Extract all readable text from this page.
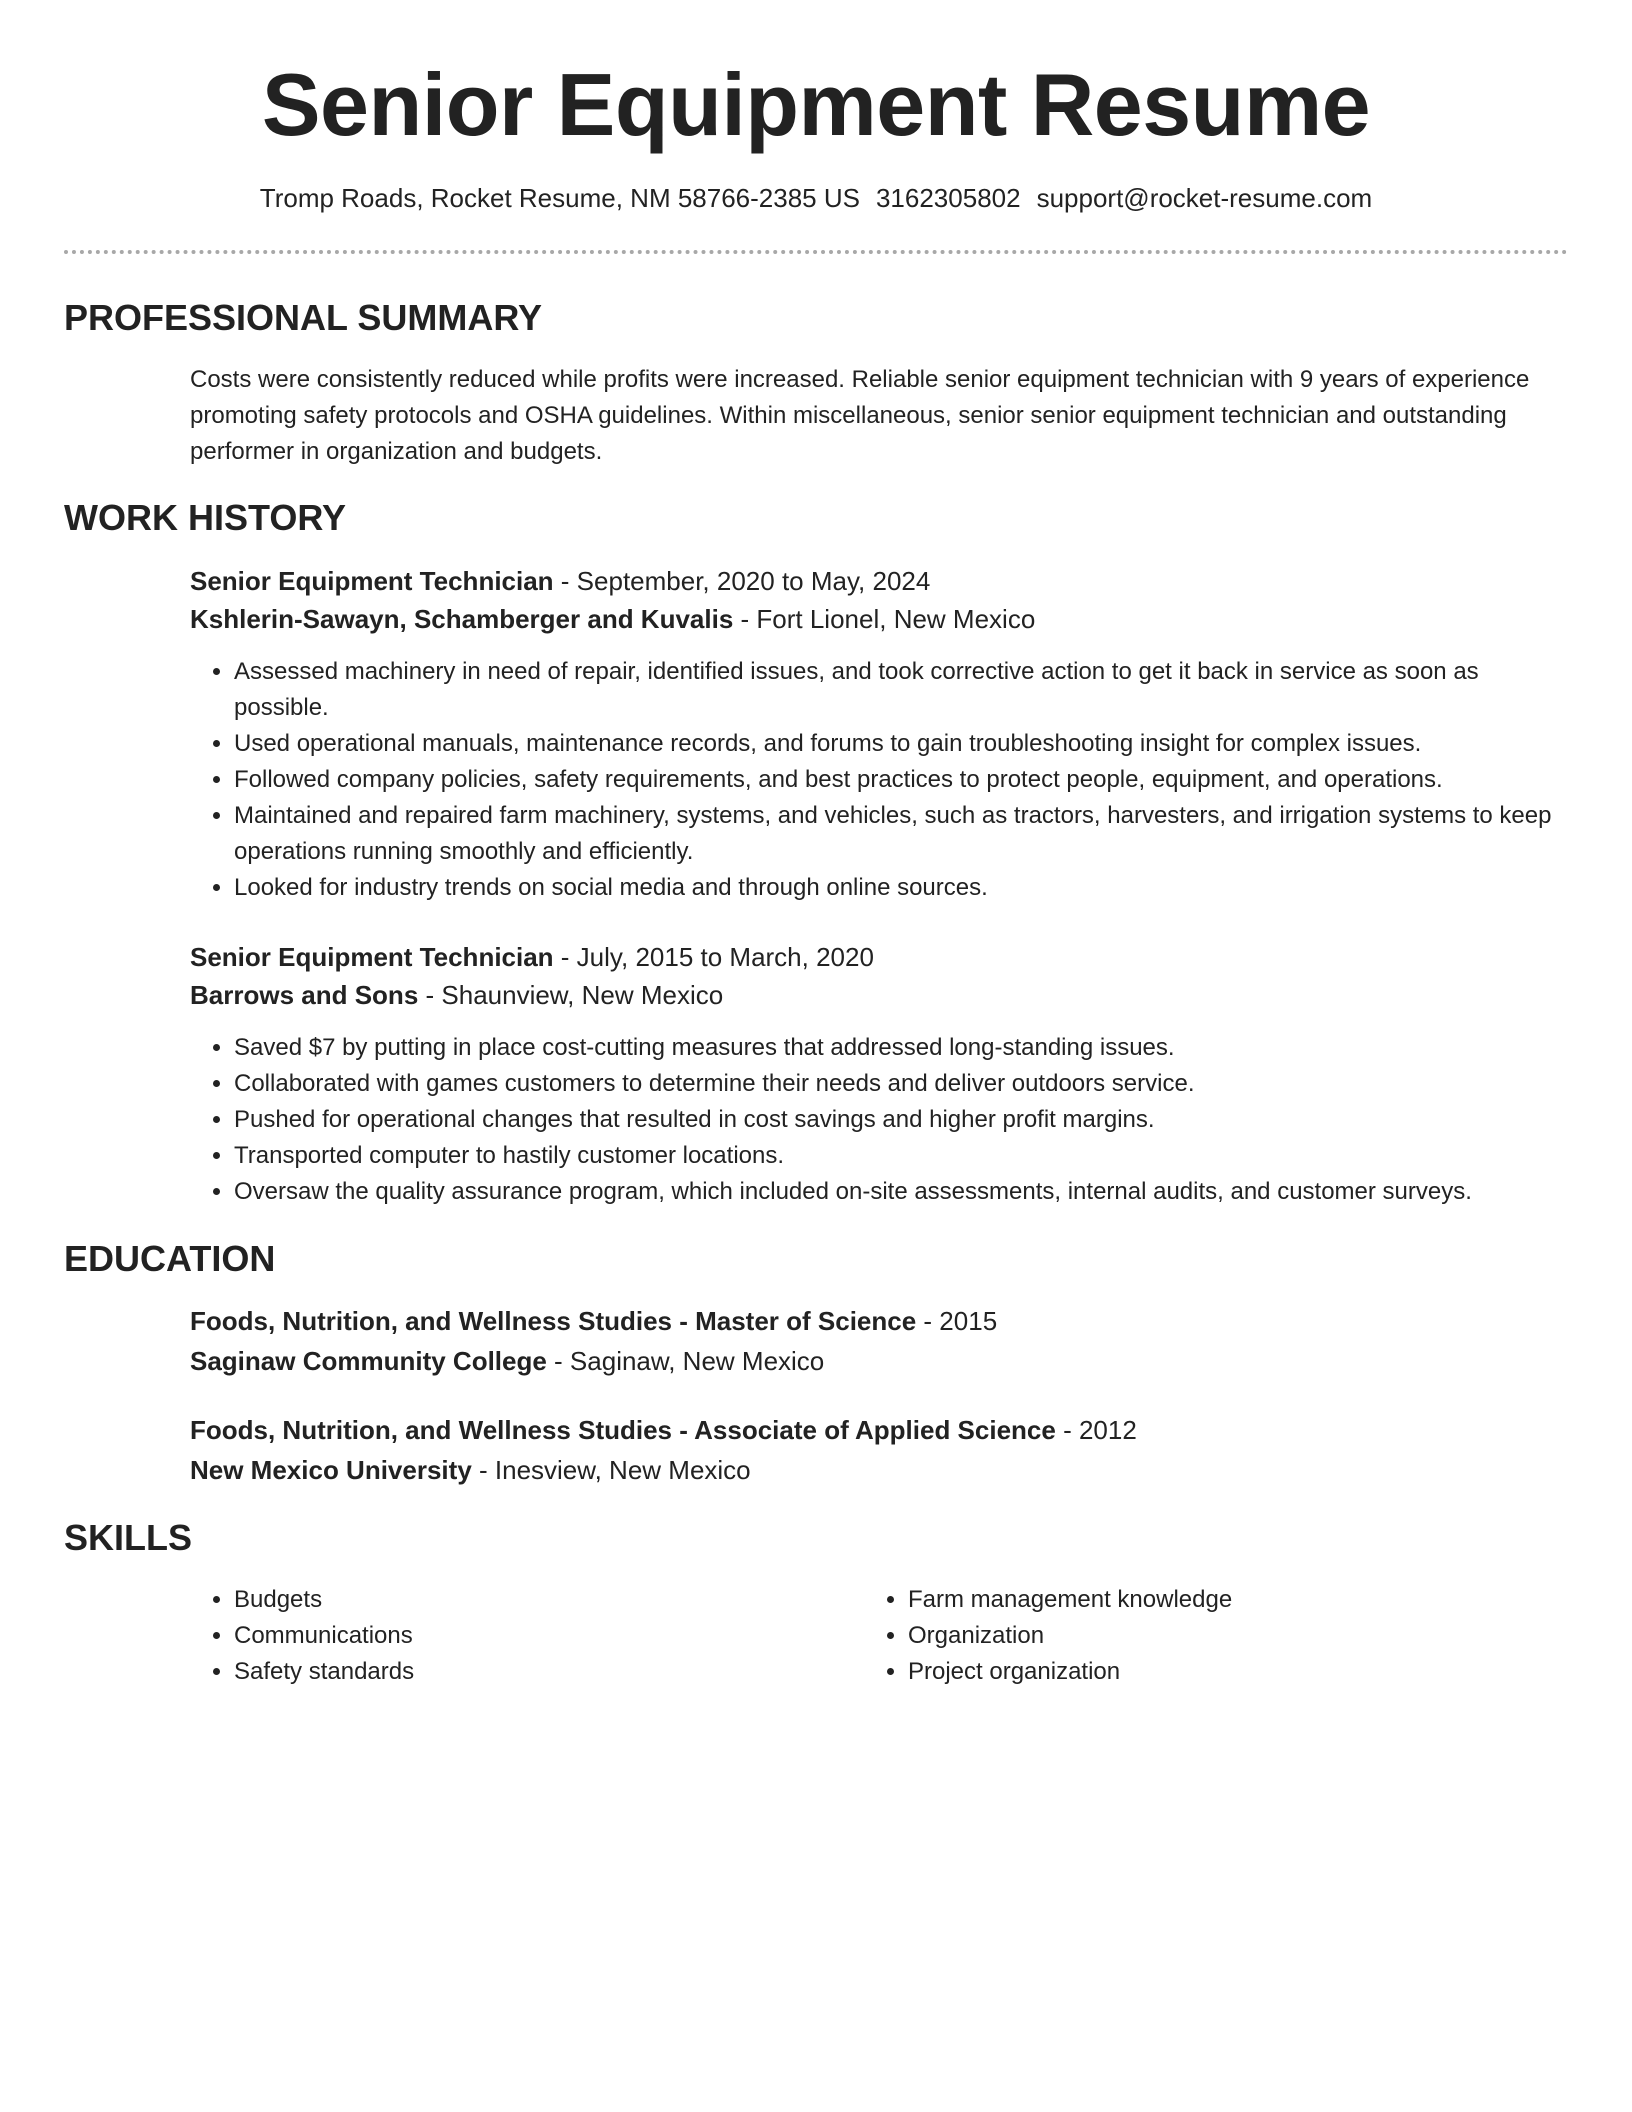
Senior Equipment Resume
Tromp Roads, Rocket Resume, NM 58766-2385 US 3162305802 support@rocket-resume.com
PROFESSIONAL SUMMARY

Costs were consistently reduced while profits were increased. Reliable senior equipment technician with 9 years of experience promoting safety protocols and OSHA guidelines. Within miscellaneous, senior senior equipment technician and outstanding performer in organization and budgets.

WORK HISTORY
Senior Equipment Technician - September, 2020 to May, 2024
Kshlerin-Sawayn, Schamberger and Kuvalis - Fort Lionel, New Mexico
• Assessed machinery in need of repair, identified issues, and took corrective action to get it back in service as soon as possible.
• Used operational manuals, maintenance records, and forums to gain troubleshooting insight for complex issues.
• Followed company policies, safety requirements, and best practices to protect people, equipment, and operations.
• Maintained and repaired farm machinery, systems, and vehicles, such as tractors, harvesters, and irrigation systems to keep operations running smoothly and efficiently.
• Looked for industry trends on social media and through online sources.
Senior Equipment Technician - July, 2015 to March, 2020
Barrows and Sons - Shaunview, New Mexico
• Saved $7 by putting in place cost-cutting measures that addressed long-standing issues.
• Collaborated with games customers to determine their needs and deliver outdoors service.
• Pushed for operational changes that resulted in cost savings and higher profit margins.
• Transported computer to hastily customer locations.
• Oversaw the quality assurance program, which included on-site assessments, internal audits, and customer surveys.
EDUCATION
Foods, Nutrition, and Wellness Studies - Master of Science - 2015
Saginaw Community College - Saginaw, New Mexico
Foods, Nutrition, and Wellness Studies - Associate of Applied Science - 2012
New Mexico University - Inesview, New Mexico
SKILLS
• Budgets
• Communications
• Safety standards
• Farm management knowledge
• Organization
• Project organization
